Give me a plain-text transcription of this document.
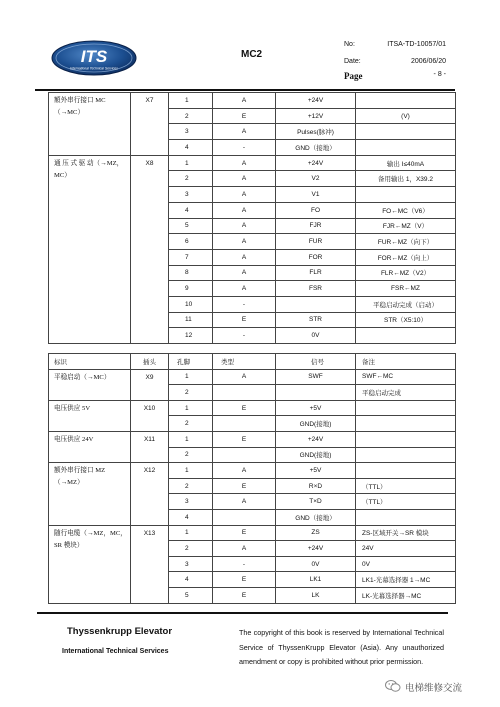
ITS
International Technical Services
MC2
No:	ITSA-TD-10057/01
Date:	2006/06/20
Page	- 8 -
額外串行接口 MC（→MC）	X7	1	A	+24V	
		2	E	+12V	(V)
		3	A	Pulses(脉冲)	
		4	-	GND（接地）	
通 压 式 驱 动（→MZ，MC）	X8	1	A	+24V	输出 I≤40mA
		2	A	V2	备用输出 1，X39.2
		3	A	V1	
		4	A	FO	FO←MC（V6）
		5	A	FJR	FJR←MZ（V）
		6	A	FUR	FUR←MZ（向下）
		7	A	FOR	FOR←MZ（向上）
		8	A	FLR	FLR←MZ（V2）
		9	A	FSR	FSR←MZ
		10	-		平稳启动完成（启动）
		11	E	STR	STR（X5:10）
		12	-	0V	
标识	插头	孔脚	类型	信号	备注
平稳启动（→MC）	X9	1	A	SWF	SWF←MC
		2			平稳启动完成
电压供应 5V	X10	1	E	+5V	
		2		GND(接地)	
电压供应 24V	X11	1	E	+24V	
		2		GND(接地)	
额外串行接口 MZ（→MZ）	X12	1	A	+5V	
		2	E	R×D	（TTL）
		3	A	T×D	（TTL）
		4		GND（接地）	
随行电缆（→MZ，MC，SR 模块）	X13	1	E	ZS	ZS-区域开关→SR 模块
		2	A	+24V	24V
		3	-	0V	0V
		4	E	LK1	LK1-光幕选择器 1→MC
		5	E	LK	LK-光幕选择器→MC
Thyssenkrupp Elevator
International Technical Services
The copyright of this book is reserved by International Technical Service of ThyssenKrupp Elevator (Asia). Any unauthorized amendment or copy is prohibited without prior permission.
电梯维修交流
